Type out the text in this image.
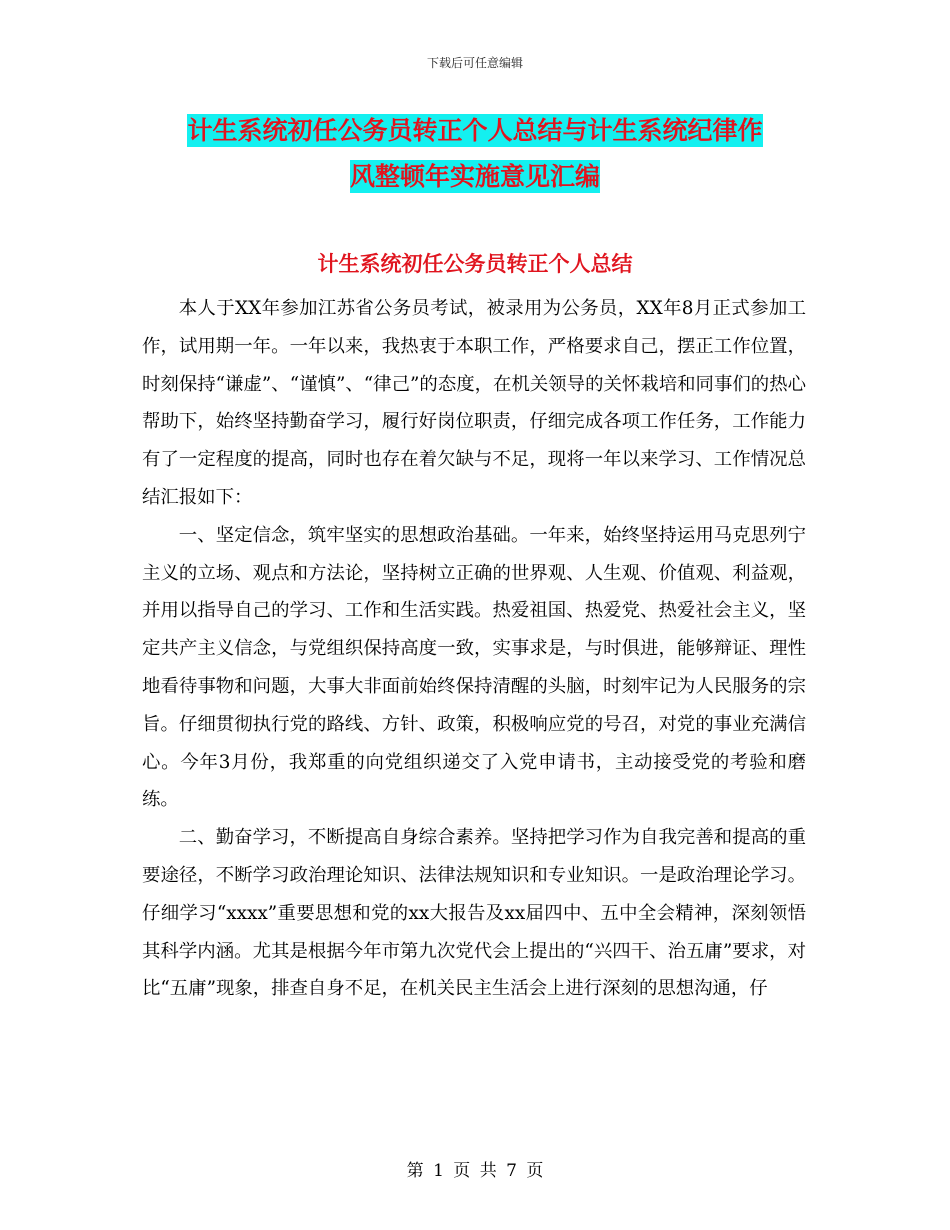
下载后可任意编辑
计生系统初任公务员转正个人总结与计生系统纪律作
风整顿年实施意见汇编
计生系统初任公务员转正个人总结

本人于XX年参加江苏省公务员考试，被录用为公务员，XX年8月正式参加工作，试用期一年。一年以来，我热衷于本职工作，严格要求自己，摆正工作位置，时刻保持“谦虚”、“谨慎”、“律己”的态度，在机关领导的关怀栽培和同事们的热心帮助下，始终坚持勤奋学习，履行好岗位职责，仔细完成各项工作任务，工作能力有了一定程度的提高，同时也存在着欠缺与不足，现将一年以来学习、工作情况总结汇报如下：

一、坚定信念，筑牢坚实的思想政治基础。一年来，始终坚持运用马克思列宁主义的立场、观点和方法论，坚持树立正确的世界观、人生观、价值观、利益观，并用以指导自己的学习、工作和生活实践。热爱祖国、热爱党、热爱社会主义，坚定共产主义信念，与党组织保持高度一致，实事求是，与时俱进，能够辩证、理性地看待事物和问题，大事大非面前始终保持清醒的头脑，时刻牢记为人民服务的宗旨。仔细贯彻执行党的路线、方针、政策，积极响应党的号召，对党的事业充满信心。今年3月份，我郑重的向党组织递交了入党申请书，主动接受党的考验和磨练。

二、勤奋学习，不断提高自身综合素养。坚持把学习作为自我完善和提高的重要途径，不断学习政治理论知识、法律法规知识和专业知识。一是政治理论学习。仔细学习“xxxx”重要思想和党的xx大报告及xx届四中、五中全会精神，深刻领悟其科学内涵。尤其是根据今年市第九次党代会上提出的“兴四干、治五庸”要求，对比“五庸”现象，排查自身不足，在机关民主生活会上进行深刻的思想沟通，仔

第 1 页 共 7 页
